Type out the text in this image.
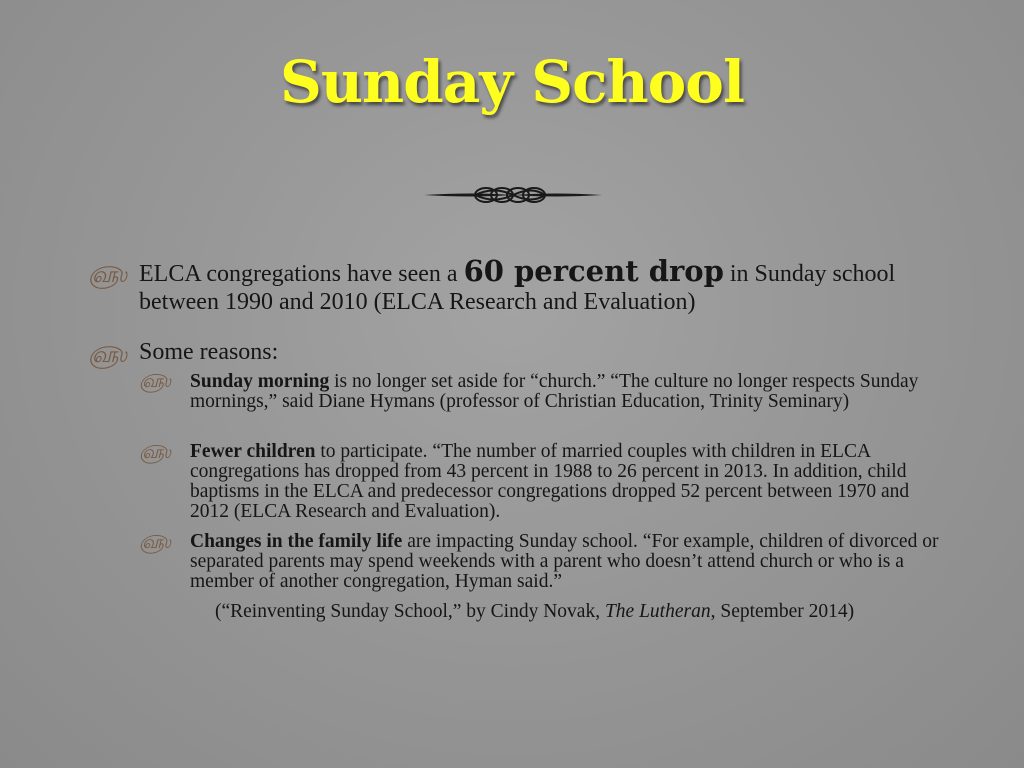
Sunday School
௵ ELCA congregations have seen a 60 percent drop in Sunday school between 1990 and 2010 (ELCA Research and Evaluation)
௵ Some reasons:
௵ Sunday morning is no longer set aside for “church.” “The culture no longer respects Sunday mornings,” said Diane Hymans (professor of Christian Education, Trinity Seminary)
௵ Fewer children to participate. “The number of married couples with children in ELCA congregations has dropped from 43 percent in 1988 to 26 percent in 2013. In addition, child baptisms in the ELCA and predecessor congregations dropped 52 percent between 1970 and 2012 (ELCA Research and Evaluation).
௵ Changes in the family life are impacting Sunday school. “For example, children of divorced or separated parents may spend weekends with a parent who doesn’t attend church or who is a member of another congregation, Hyman said.”
(“Reinventing Sunday School,” by Cindy Novak, The Lutheran, September 2014)
